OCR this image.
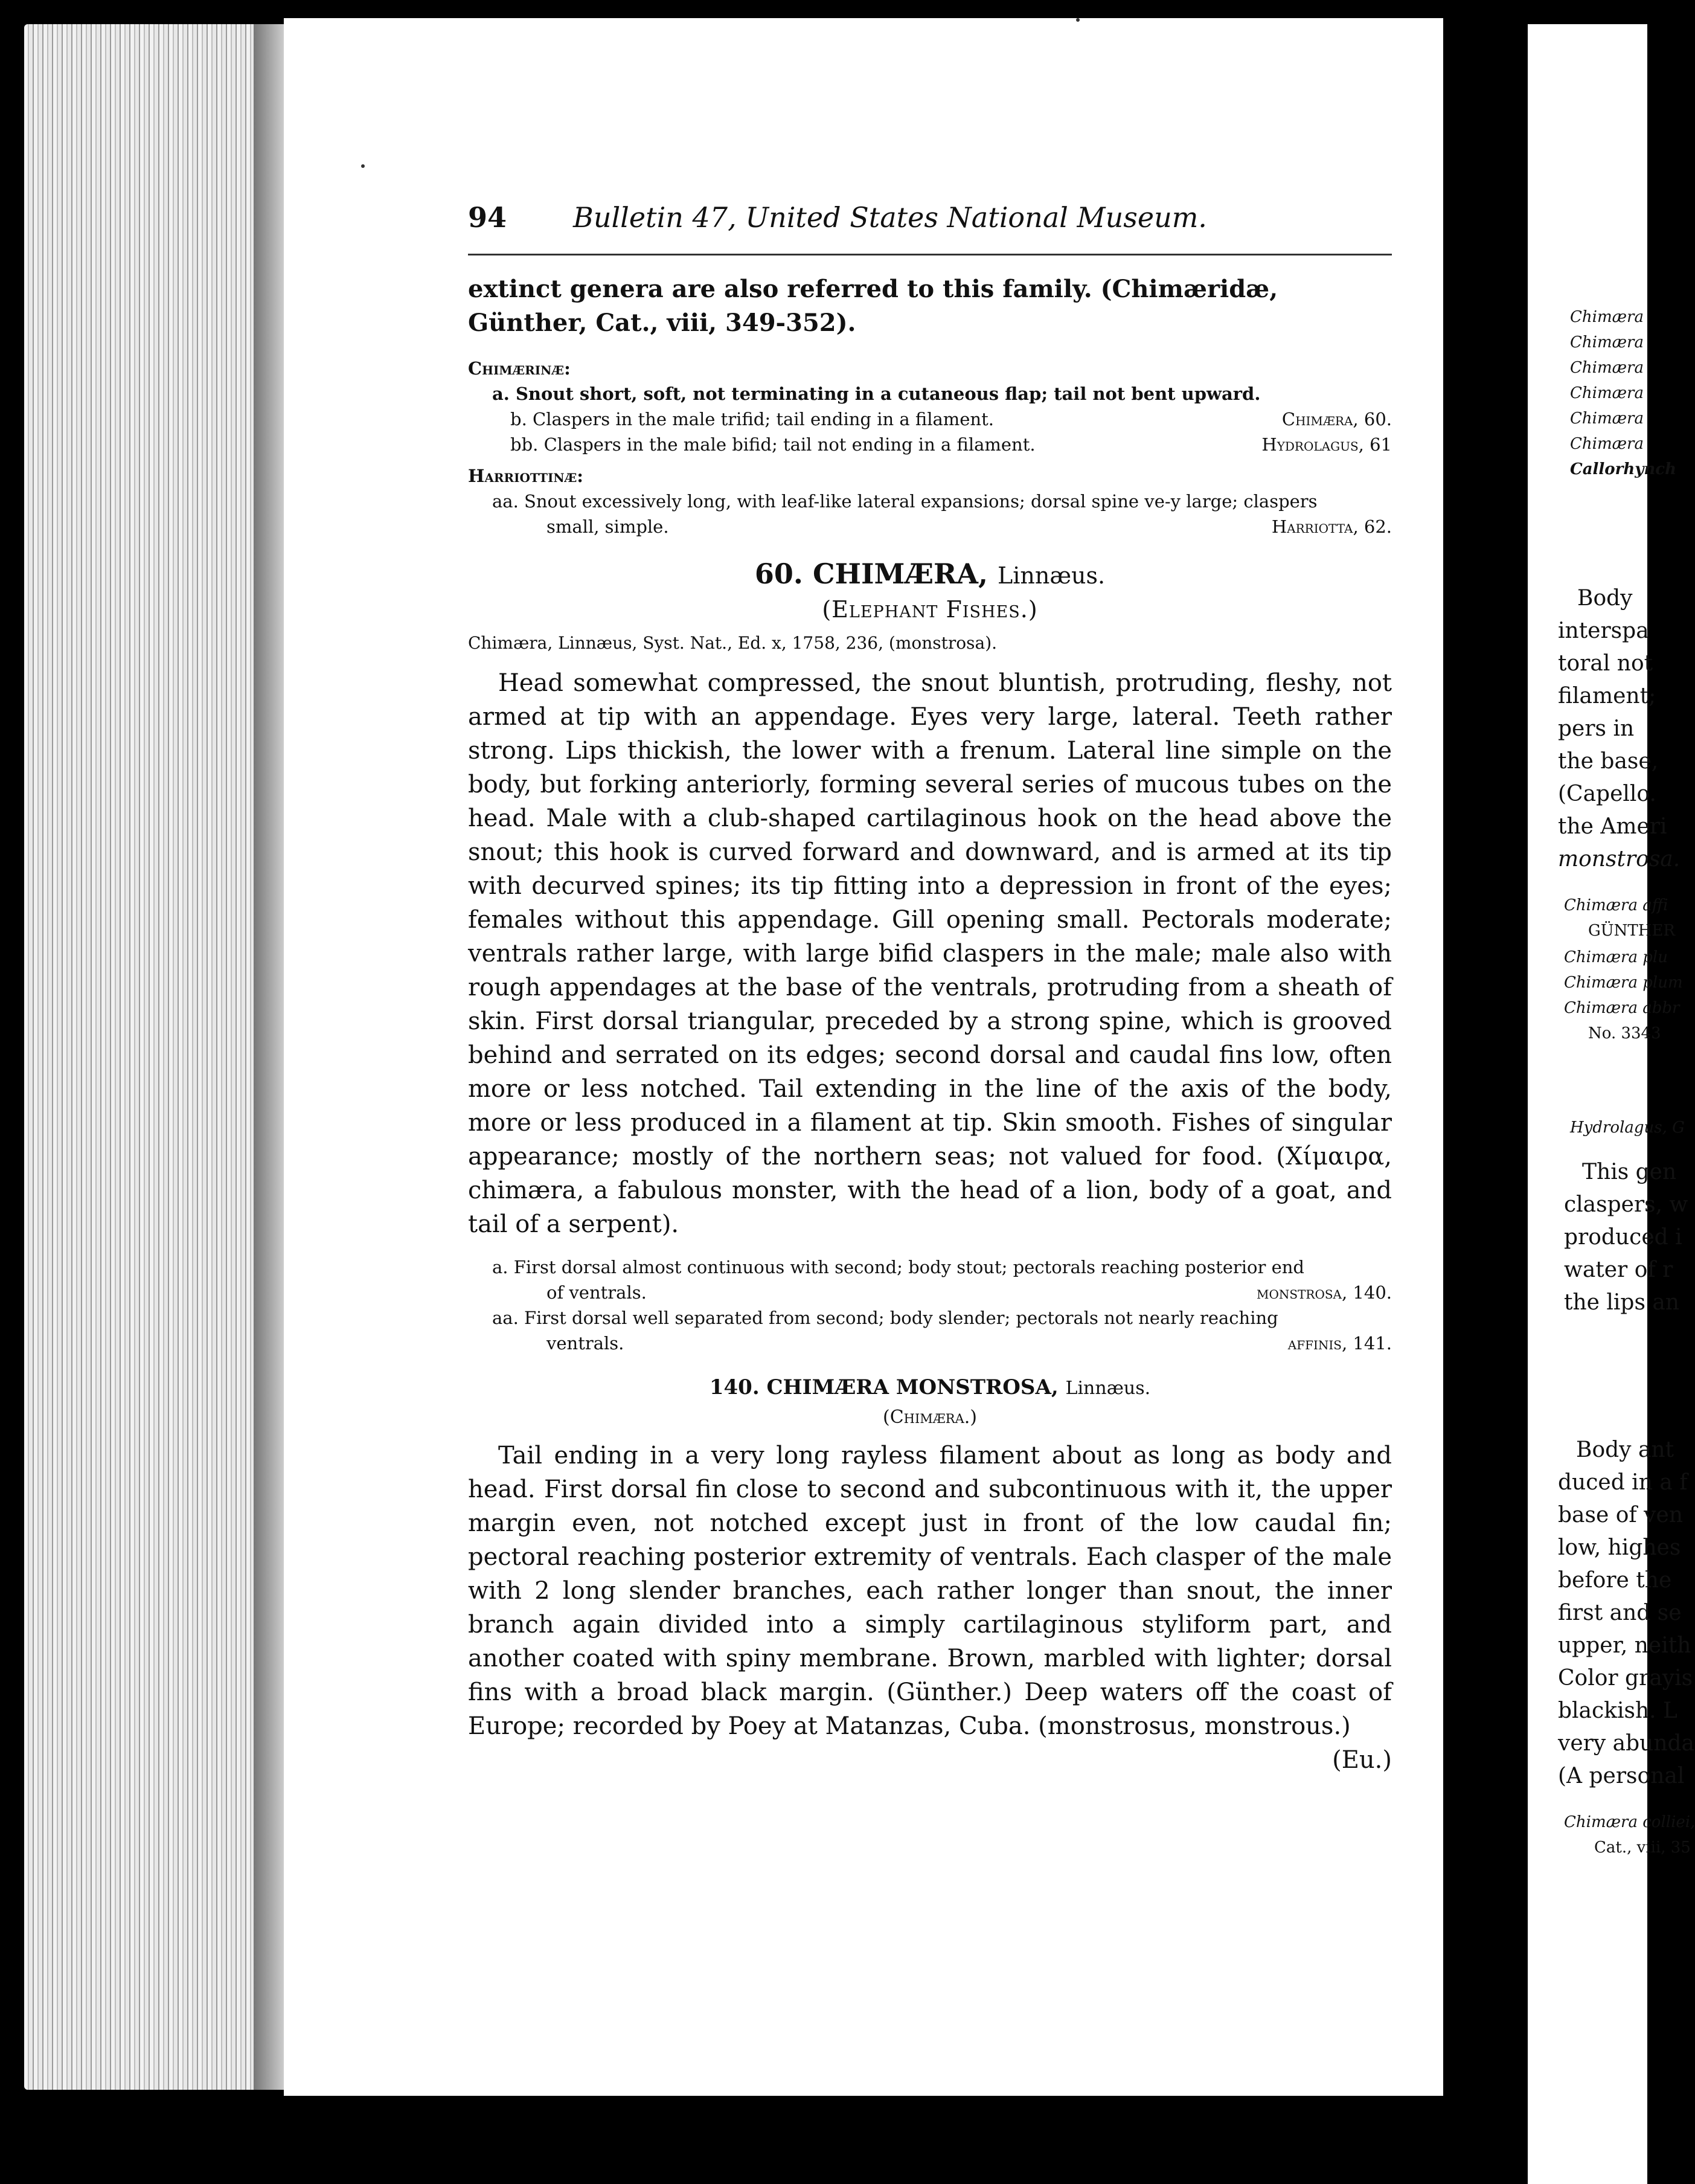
94 Bulletin 47, United States National Museum.

extinct genera are also referred to this family. (Chimæridæ, Günther, Cat., viii, 349-352).

Chimærinæ:
a. Snout short, soft, not terminating in a cutaneous flap; tail not bent upward.
b. Claspers in the male trifid; tail ending in a filament.	Chimæra, 60.
bb. Claspers in the male bifid; tail not ending in a filament.	Hydrolagus, 61
Harriottinæ:
aa. Snout excessively long, with leaf-like lateral expansions; dorsal spine ve-y large; claspers
small, simple.	Harriotta, 62.
60. CHIMÆRA, Linnæus.
(Elephant Fishes.)
Chimæra, Linnæus, Syst. Nat., Ed. x, 1758, 236, (monstrosa).

Head somewhat compressed, the snout bluntish, protruding, fleshy, not armed at tip with an appendage. Eyes very large, lateral. Teeth rather strong. Lips thickish, the lower with a frenum. Lateral line simple on the body, but forking anteriorly, forming several series of mucous tubes on the head. Male with a club-shaped cartilaginous hook on the head above the snout; this hook is curved forward and downward, and is armed at its tip with decurved spines; its tip fitting into a depression in front of the eyes; females without this appendage. Gill opening small. Pectorals moderate; ventrals rather large, with large bifid claspers in the male; male also with rough appendages at the base of the ventrals, protruding from a sheath of skin. First dorsal triangular, preceded by a strong spine, which is grooved behind and serrated on its edges; second dorsal and caudal fins low, often more or less notched. Tail extending in the line of the axis of the body, more or less produced in a filament at tip. Skin smooth. Fishes of singular appearance; mostly of the northern seas; not valued for food. (Χίμαιρα, chimæra, a fabulous monster, with the head of a lion, body of a goat, and tail of a serpent).

a. First dorsal almost continuous with second; body stout; pectorals reaching posterior end
of ventrals.	monstrosa, 140.
aa. First dorsal well separated from second; body slender; pectorals not nearly reaching
ventrals.	affinis, 141.
140. CHIMÆRA MONSTROSA, Linnæus.
(Chimæra.)

Tail ending in a very long rayless filament about as long as body and head. First dorsal fin close to second and subcontinuous with it, the upper margin even, not notched except just in front of the low caudal fin; pectoral reaching posterior extremity of ventrals. Each clasper of the male with 2 long slender branches, each rather longer than snout, the inner branch again divided into a simply cartilaginous styliform part, and another coated with spiny membrane. Brown, marbled with lighter; dorsal fins with a broad black margin. (Günther.) Deep waters off the coast of Europe; recorded by Poey at Matanzas, Cuba. (monstrosus, monstrous.)

(Eu.)
Chimæra
Chimæra
Chimæra
Chimæra
Chimæra
Chimæra
Callorhynch
Body
interspa
toral not
filament;
pers in
the base,
(Capello.
the Ameri
monstrosa.
Chimæra affi
GÜNTHER
Chimæra plu
Chimæra plum
Chimæra abbr
No. 3343
Hydrolagus, G
This gen
claspers, w
produced i
water of r
the lips an
Body ant
duced in a f
base of ven
low, highes
before the
first and se
upper, neith
Color grayis
blackish. L
very abunda
(A personal
Chimæra colliei,
Cat., viii, 35
